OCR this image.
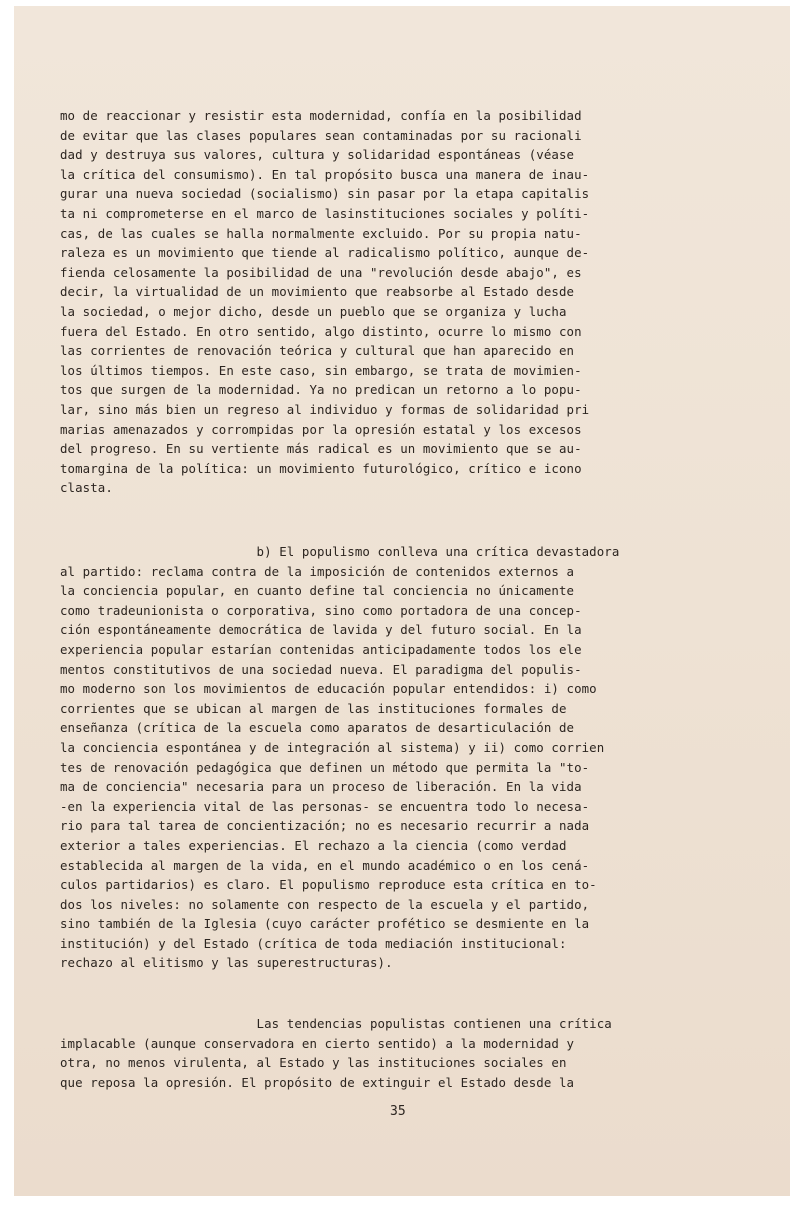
mo de reaccionar y resistir esta modernidad, confía en la posibilidad
de evitar que las clases populares sean contaminadas por su racionali
dad y destruya sus valores, cultura y solidaridad espontáneas (véase
la crítica del consumismo). En tal propósito busca una manera de inau-
gurar una nueva sociedad (socialismo) sin pasar por la etapa capitalis
ta ni comprometerse en el marco de lasinstituciones sociales y políti-
cas, de las cuales se halla normalmente excluido. Por su propia natu-
raleza es un movimiento que tiende al radicalismo político, aunque de-
fienda celosamente la posibilidad de una "revolución desde abajo", es
decir, la virtualidad de un movimiento que reabsorbe al Estado desde
la sociedad, o mejor dicho, desde un pueblo que se organiza y lucha
fuera del Estado. En otro sentido, algo distinto, ocurre lo mismo con
las corrientes de renovación teórica y cultural que han aparecido en
los últimos tiempos. En este caso, sin embargo, se trata de movimien-
tos que surgen de la modernidad. Ya no predican un retorno a lo popu-
lar, sino más bien un regreso al individuo y formas de solidaridad pri
marias amenazados y corrompidas por la opresión estatal y los excesos
del progreso. En su vertiente más radical es un movimiento que se au-
tomargina de la política: un movimiento futurológico, crítico e icono
clasta.
b) El populismo conlleva una crítica devastadora
al partido: reclama contra de la imposición de contenidos externos a
la conciencia popular, en cuanto define tal conciencia no únicamente
como tradeunionista o corporativa, sino como portadora de una concep-
ción espontáneamente democrática de lavida y del futuro social. En la
experiencia popular estarían contenidas anticipadamente todos los ele
mentos constitutivos de una sociedad nueva. El paradigma del populis-
mo moderno son los movimientos de educación popular entendidos: i) como
corrientes que se ubican al margen de las instituciones formales de
enseñanza (crítica de la escuela como aparatos de desarticulación de
la conciencia espontánea y de integración al sistema) y ii) como corrien
tes de renovación pedagógica que definen un método que permita la "to-
ma de conciencia" necesaria para un proceso de liberación. En la vida
-en la experiencia vital de las personas- se encuentra todo lo necesa-
rio para tal tarea de concientización; no es necesario recurrir a nada
exterior a tales experiencias. El rechazo a la ciencia (como verdad
establecida al margen de la vida, en el mundo académico o en los cená-
culos partidarios) es claro. El populismo reproduce esta crítica en to-
dos los niveles: no solamente con respecto de la escuela y el partido,
sino también de la Iglesia (cuyo carácter profético se desmiente en la
institución) y del Estado (crítica de toda mediación institucional:
rechazo al elitismo y las superestructuras).
Las tendencias populistas contienen una crítica
implacable (aunque conservadora en cierto sentido) a la modernidad y
otra, no menos virulenta, al Estado y las instituciones sociales en
que reposa la opresión. El propósito de extinguir el Estado desde la
35
